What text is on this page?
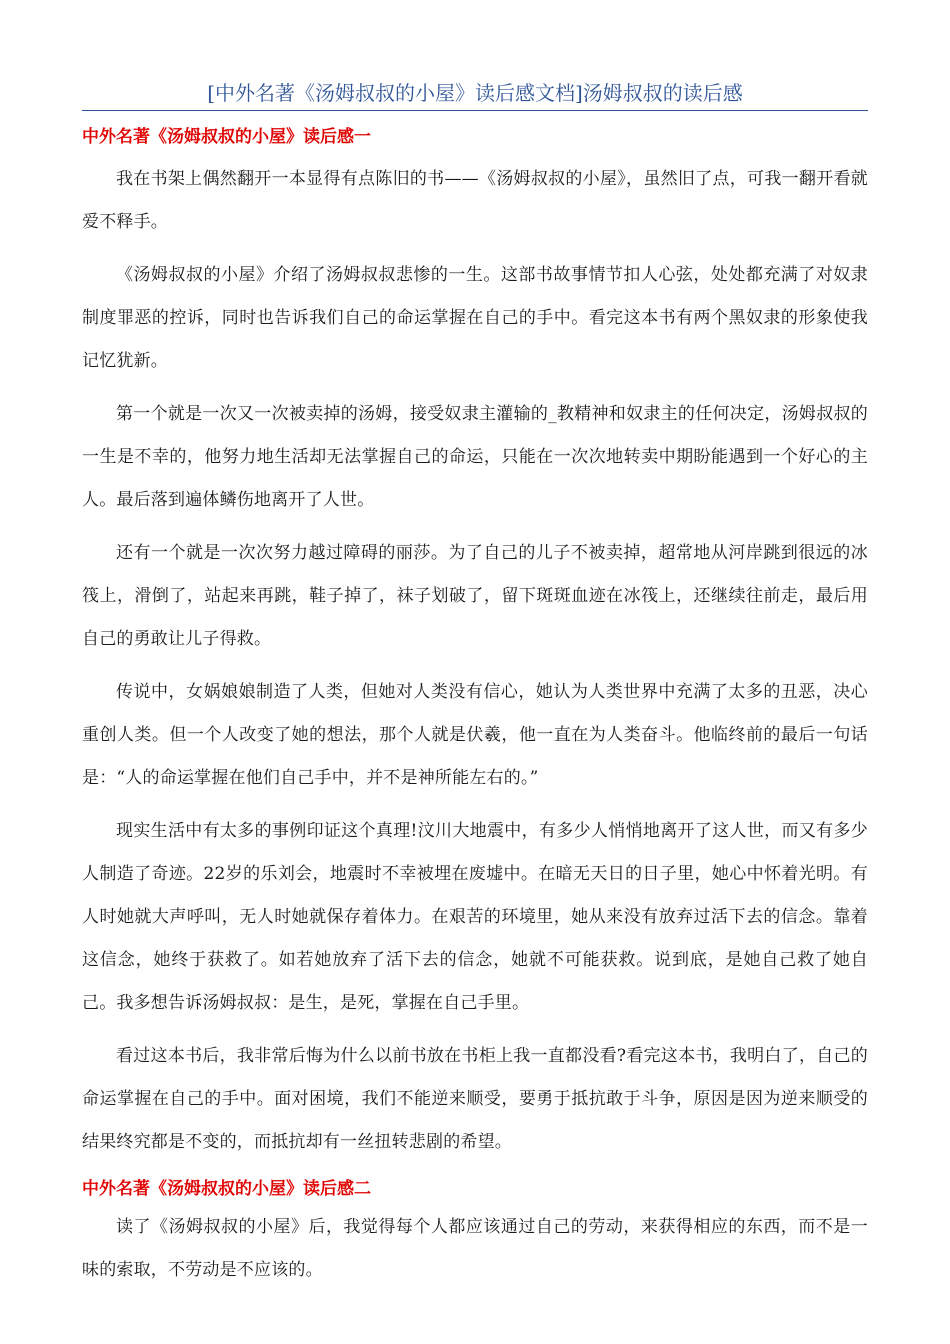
[中外名著《汤姆叔叔的小屋》读后感文档]汤姆叔叔的读后感
中外名著《汤姆叔叔的小屋》读后感一

我在书架上偶然翻开一本显得有点陈旧的书——《汤姆叔叔的小屋》，虽然旧了点，可我一翻开看就爱不释手。

《汤姆叔叔的小屋》介绍了汤姆叔叔悲惨的一生。这部书故事情节扣人心弦，处处都充满了对奴隶制度罪恶的控诉，同时也告诉我们自己的命运掌握在自己的手中。看完这本书有两个黑奴隶的形象使我记忆犹新。

第一个就是一次又一次被卖掉的汤姆，接受奴隶主灌输的_教精神和奴隶主的任何决定，汤姆叔叔的一生是不幸的，他努力地生活却无法掌握自己的命运，只能在一次次地转卖中期盼能遇到一个好心的主人。最后落到遍体鳞伤地离开了人世。

还有一个就是一次次努力越过障碍的丽莎。为了自己的儿子不被卖掉，超常地从河岸跳到很远的冰筏上，滑倒了，站起来再跳，鞋子掉了，袜子划破了，留下斑斑血迹在冰筏上，还继续往前走，最后用自己的勇敢让儿子得救。

传说中，女娲娘娘制造了人类，但她对人类没有信心，她认为人类世界中充满了太多的丑恶，决心重创人类。但一个人改变了她的想法，那个人就是伏羲，他一直在为人类奋斗。他临终前的最后一句话是：“人的命运掌握在他们自己手中，并不是神所能左右的。”

现实生活中有太多的事例印证这个真理!汶川大地震中，有多少人悄悄地离开了这人世，而又有多少人制造了奇迹。22岁的乐刘会，地震时不幸被埋在废墟中。在暗无天日的日子里，她心中怀着光明。有人时她就大声呼叫，无人时她就保存着体力。在艰苦的环境里，她从来没有放弃过活下去的信念。靠着这信念，她终于获救了。如若她放弃了活下去的信念，她就不可能获救。说到底，是她自己救了她自己。我多想告诉汤姆叔叔：是生，是死，掌握在自己手里。

看过这本书后，我非常后悔为什么以前书放在书柜上我一直都没看?看完这本书，我明白了，自己的命运掌握在自己的手中。面对困境，我们不能逆来顺受，要勇于抵抗敢于斗争，原因是因为逆来顺受的结果终究都是不变的，而抵抗却有一丝扭转悲剧的希望。

中外名著《汤姆叔叔的小屋》读后感二

读了《汤姆叔叔的小屋》后，我觉得每个人都应该通过自己的劳动，来获得相应的东西，而不是一味的索取，不劳动是不应该的。
